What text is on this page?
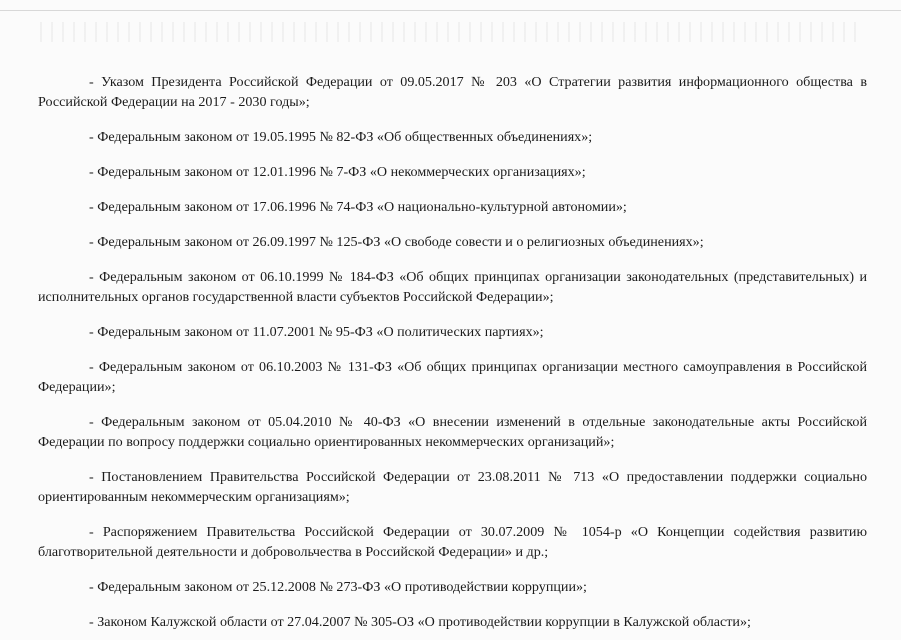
- Указом Президента Российской Федерации от 09.05.2017 № 203 «О Стратегии развития информационного общества в Российской Федерации на 2017 - 2030 годы»;

- Федеральным законом от 19.05.1995 № 82-ФЗ «Об общественных объединениях»;

- Федеральным законом от 12.01.1996 № 7-ФЗ «О некоммерческих организациях»;

- Федеральным законом от 17.06.1996 № 74-ФЗ «О национально-культурной автономии»;

- Федеральным законом от 26.09.1997 № 125-ФЗ «О свободе совести и о религиозных объединениях»;

- Федеральным законом от 06.10.1999 № 184-ФЗ «Об общих принципах организации законодательных (представительных) и исполнительных органов государственной власти субъектов Российской Федерации»;

- Федеральным законом от 11.07.2001 № 95-ФЗ «О политических партиях»;

- Федеральным законом от 06.10.2003 № 131-ФЗ «Об общих принципах организации местного самоуправления в Российской Федерации»;

- Федеральным законом от 05.04.2010 № 40-ФЗ «О внесении изменений в отдельные законодательные акты Российской Федерации по вопросу поддержки социально ориентированных некоммерческих организаций»;

- Постановлением Правительства Российской Федерации от 23.08.2011 № 713 «О предоставлении поддержки социально ориентированным некоммерческим организациям»;

- Распоряжением Правительства Российской Федерации от 30.07.2009 № 1054-р «О Концепции содействия развитию благотворительной деятельности и добровольчества в Российской Федерации» и др.;

- Федеральным законом от 25.12.2008 № 273-ФЗ «О противодействии коррупции»;

- Законом Калужской области от 27.04.2007 № 305-ОЗ «О противодействии коррупции в Калужской области»;
